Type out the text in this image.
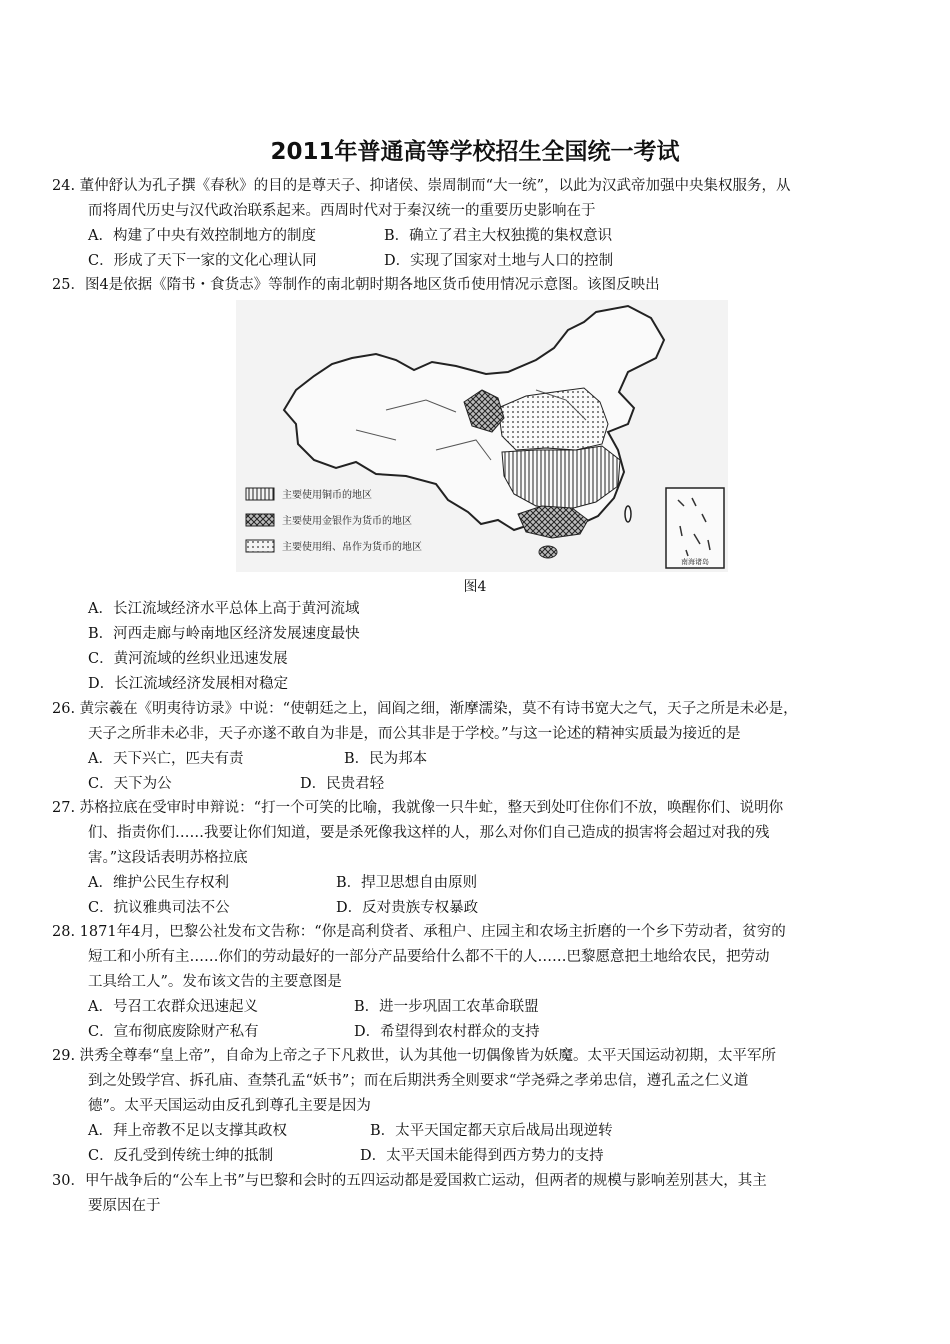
2011年普通高等学校招生全国统一考试
24. 董仲舒认为孔子撰《春秋》的目的是尊天子、抑诸侯、崇周制而“大一统”，以此为汉武帝加强中央集权服务，从
而将周代历史与汉代政治联系起来。西周时代对于秦汉统一的重要历史影响在于
A．构建了中央有效控制地方的制度	B．确立了君主大权独揽的集权意识
C．形成了天下一家的文化心理认同	D．实现了国家对土地与人口的控制
25．图4是依据《隋书・食货志》等制作的南北朝时期各地区货币使用情况示意图。该图反映出
主要使用铜币的地区
主要使用金银作为货币的地区
主要使用绢、帛作为货币的地区
南海诸岛
图4
A．长江流域经济水平总体上高于黄河流域
B．河西走廊与岭南地区经济发展速度最快
C．黄河流域的丝织业迅速发展
D．长江流域经济发展相对稳定
26. 黄宗羲在《明夷待访录》中说：“使朝廷之上，闾阎之细，渐摩濡染，莫不有诗书宽大之气，天子之所是未必是，
天子之所非未必非，天子亦遂不敢自为非是，而公其非是于学校。”与这一论述的精神实质最为接近的是
A．天下兴亡，匹夫有责	B．民为邦本
C．天下为公	D．民贵君轻
27. 苏格拉底在受审时申辩说：“打一个可笑的比喻，我就像一只牛虻，整天到处叮住你们不放，唤醒你们、说明你
们、指责你们……我要让你们知道，要是杀死像我这样的人，那么对你们自己造成的损害将会超过对我的残
害。”这段话表明苏格拉底
A．维护公民生存权利	B．捍卫思想自由原则
C．抗议雅典司法不公	D．反对贵族专权暴政
28. 1871年4月，巴黎公社发布文告称：“你是高利贷者、承租户、庄园主和农场主折磨的一个乡下劳动者，贫穷的
短工和小所有主……你们的劳动最好的一部分产品要给什么都不干的人……巴黎愿意把土地给农民，把劳动
工具给工人”。发布该文告的主要意图是
A．号召工农群众迅速起义	B．进一步巩固工农革命联盟
C．宣布彻底废除财产私有	D．希望得到农村群众的支持
29. 洪秀全尊奉“皇上帝”，自命为上帝之子下凡救世，认为其他一切偶像皆为妖魔。太平天国运动初期，太平军所
到之处毁学宫、拆孔庙、查禁孔孟“妖书”；而在后期洪秀全则要求“学尧舜之孝弟忠信，遵孔孟之仁义道
德”。太平天国运动由反孔到尊孔主要是因为
A．拜上帝教不足以支撑其政权	B．太平天国定都天京后战局出现逆转
C．反孔受到传统士绅的抵制	D．太平天国未能得到西方势力的支持
30．甲午战争后的“公车上书”与巴黎和会时的五四运动都是爱国救亡运动，但两者的规模与影响差别甚大，其主
要原因在于
